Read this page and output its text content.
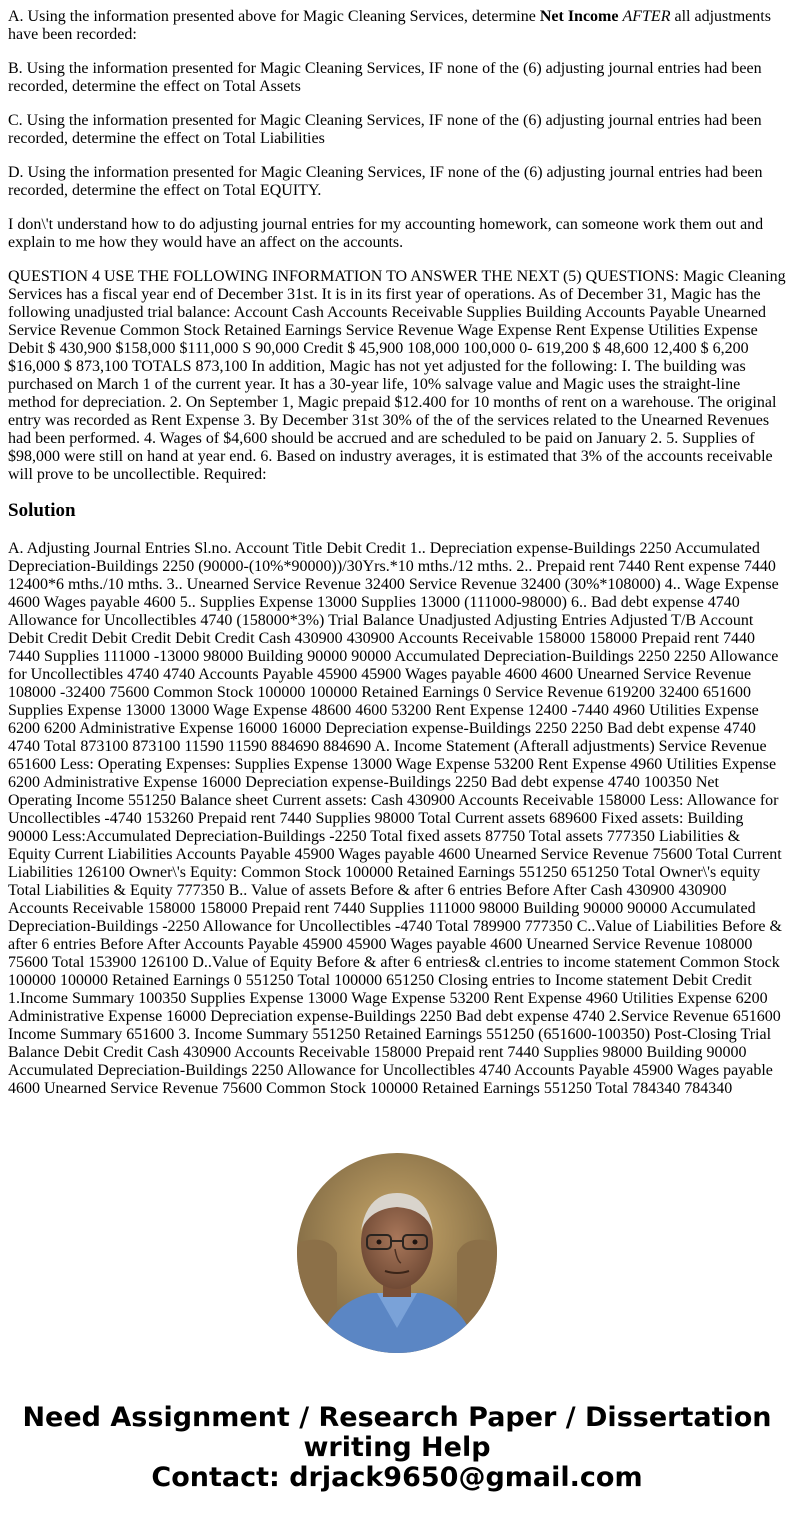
A. Using the information presented above for Magic Cleaning Services, determine Net Income AFTER all adjustments have been recorded:

B. Using the information presented for Magic Cleaning Services, IF none of the (6) adjusting journal entries had been recorded, determine the effect on Total Assets

C. Using the information presented for Magic Cleaning Services, IF none of the (6) adjusting journal entries had been recorded, determine the effect on Total Liabilities

D. Using the information presented for Magic Cleaning Services, IF none of the (6) adjusting journal entries had been recorded, determine the effect on Total EQUITY.

I don\'t understand how to do adjusting journal entries for my accounting homework, can someone work them out and explain to me how they would have an affect on the accounts.

QUESTION 4 USE THE FOLLOWING INFORMATION TO ANSWER THE NEXT (5) QUESTIONS: Magic Cleaning Services has a fiscal year end of December 31st. It is in its first year of operations. As of December 31, Magic has the following unadjusted trial balance: Account Cash Accounts Receivable Supplies Building Accounts Payable Unearned Service Revenue Common Stock Retained Earnings Service Revenue Wage Expense Rent Expense Utilities Expense Debit $ 430,900 $158,000 $111,000 S 90,000 Credit $ 45,900 108,000 100,000 0- 619,200 $ 48,600 12,400 $ 6,200 $16,000 $ 873,100 TOTALS 873,100 In addition, Magic has not yet adjusted for the following: I. The building was purchased on March 1 of the current year. It has a 30-year life, 10% salvage value and Magic uses the straight-line method for depreciation. 2. On September 1, Magic prepaid $12.400 for 10 months of rent on a warehouse. The original entry was recorded as Rent Expense 3. By December 31st 30% of the of the services related to the Unearned Revenues had been performed. 4. Wages of $4,600 should be accrued and are scheduled to be paid on January 2. 5. Supplies of $98,000 were still on hand at year end. 6. Based on industry averages, it is estimated that 3% of the accounts receivable will prove to be uncollectible. Required:

Solution

A. Adjusting Journal Entries Sl.no. Account Title Debit Credit 1.. Depreciation expense-Buildings 2250 Accumulated Depreciation-Buildings 2250 (90000-(10%*90000))/30Yrs.*10 mths./12 mths. 2.. Prepaid rent 7440 Rent expense 7440 12400*6 mths./10 mths. 3.. Unearned Service Revenue 32400 Service Revenue 32400 (30%*108000) 4.. Wage Expense 4600 Wages payable 4600 5.. Supplies Expense 13000 Supplies 13000 (111000-98000) 6.. Bad debt expense 4740 Allowance for Uncollectibles 4740 (158000*3%) Trial Balance Unadjusted Adjusting Entries Adjusted T/B Account Debit Credit Debit Credit Debit Credit Cash 430900 430900 Accounts Receivable 158000 158000 Prepaid rent 7440 7440 Supplies 111000 -13000 98000 Building 90000 90000 Accumulated Depreciation-Buildings 2250 2250 Allowance for Uncollectibles 4740 4740 Accounts Payable 45900 45900 Wages payable 4600 4600 Unearned Service Revenue 108000 -32400 75600 Common Stock 100000 100000 Retained Earnings 0 Service Revenue 619200 32400 651600 Supplies Expense 13000 13000 Wage Expense 48600 4600 53200 Rent Expense 12400 -7440 4960 Utilities Expense 6200 6200 Administrative Expense 16000 16000 Depreciation expense-Buildings 2250 2250 Bad debt expense 4740 4740 Total 873100 873100 11590 11590 884690 884690 A. Income Statement (Afterall adjustments) Service Revenue 651600 Less: Operating Expenses: Supplies Expense 13000 Wage Expense 53200 Rent Expense 4960 Utilities Expense 6200 Administrative Expense 16000 Depreciation expense-Buildings 2250 Bad debt expense 4740 100350 Net Operating Income 551250 Balance sheet Current assets: Cash 430900 Accounts Receivable 158000 Less: Allowance for Uncollectibles -4740 153260 Prepaid rent 7440 Supplies 98000 Total Current assets 689600 Fixed assets: Building 90000 Less:Accumulated Depreciation-Buildings -2250 Total fixed assets 87750 Total assets 777350 Liabilities & Equity Current Liabilities Accounts Payable 45900 Wages payable 4600 Unearned Service Revenue 75600 Total Current Liabilities 126100 Owner\'s Equity: Common Stock 100000 Retained Earnings 551250 651250 Total Owner\'s equity Total Liabilities & Equity 777350 B.. Value of assets Before & after 6 entries Before After Cash 430900 430900 Accounts Receivable 158000 158000 Prepaid rent 7440 Supplies 111000 98000 Building 90000 90000 Accumulated Depreciation-Buildings -2250 Allowance for Uncollectibles -4740 Total 789900 777350 C..Value of Liabilities Before & after 6 entries Before After Accounts Payable 45900 45900 Wages payable 4600 Unearned Service Revenue 108000 75600 Total 153900 126100 D..Value of Equity Before & after 6 entries& cl.entries to income statement Common Stock 100000 100000 Retained Earnings 0 551250 Total 100000 651250 Closing entries to Income statement Debit Credit 1.Income Summary 100350 Supplies Expense 13000 Wage Expense 53200 Rent Expense 4960 Utilities Expense 6200 Administrative Expense 16000 Depreciation expense-Buildings 2250 Bad debt expense 4740 2.Service Revenue 651600 Income Summary 651600 3. Income Summary 551250 Retained Earnings 551250 (651600-100350) Post-Closing Trial Balance Debit Credit Cash 430900 Accounts Receivable 158000 Prepaid rent 7440 Supplies 98000 Building 90000 Accumulated Depreciation-Buildings 2250 Allowance for Uncollectibles 4740 Accounts Payable 45900 Wages payable 4600 Unearned Service Revenue 75600 Common Stock 100000 Retained Earnings 551250 Total 784340 784340

Need Assignment / Research Paper / Dissertation
writing Help
Contact: drjack9650@gmail.com
